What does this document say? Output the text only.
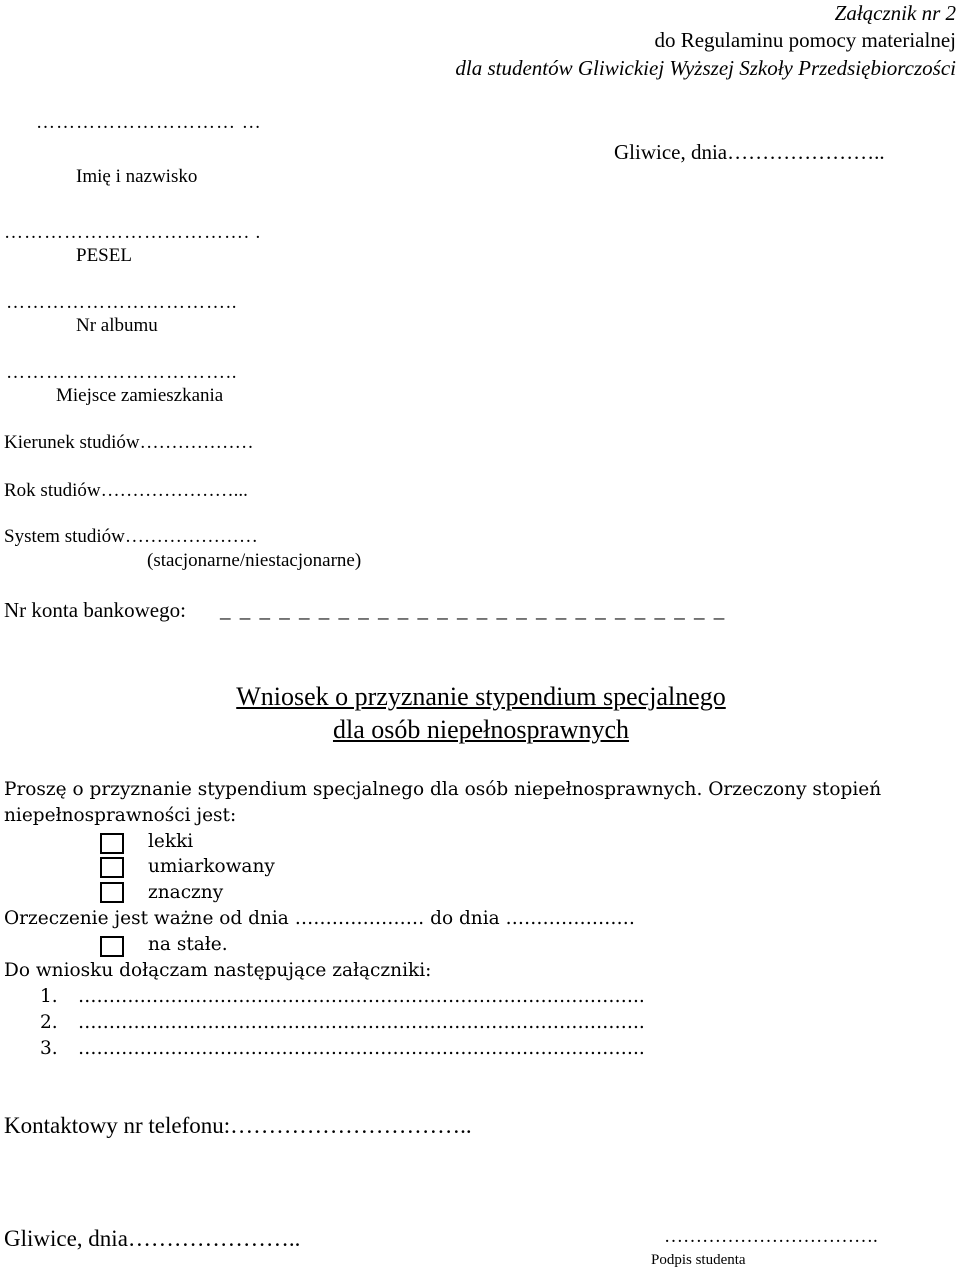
Załącznik nr 2
do Regulaminu pomocy materialnej
dla studentów Gliwickiej Wyższej Szkoły Przedsiębiorczości
………………………… …
Imię i nazwisko
Gliwice, dnia…………………..
………………………………. .
PESEL
……………………………..
Nr albumu
……………………………..
Miejsce zamieszkania
Kierunek studiów………………
Rok studiów…………………...
System studiów…………………
(stacjonarne/niestacjonarne)
Nr konta bankowego: _ _ _ _ _ _ _ _ _ _ _ _ _ _ _ _ _ _ _ _ _ _ _ _ _ _
Wniosek o przyznanie stypendium specjalnego
dla osób niepełnosprawnych
Proszę o przyznanie stypendium specjalnego dla osób niepełnosprawnych. Orzeczony stopień
niepełnosprawności jest:
lekki
umiarkowany
znaczny
Orzeczenie jest ważne od dnia ………………… do dnia …………………
na stałe.
Do wniosku dołączam następujące załączniki:
1. ………………………………………………………………………………..
2. ………………………………………………………………………………..
3. ………………………………………………………………………………..
Kontaktowy nr telefonu:…………………………..
Gliwice, dnia…………………..	…………………………….
Podpis studenta
